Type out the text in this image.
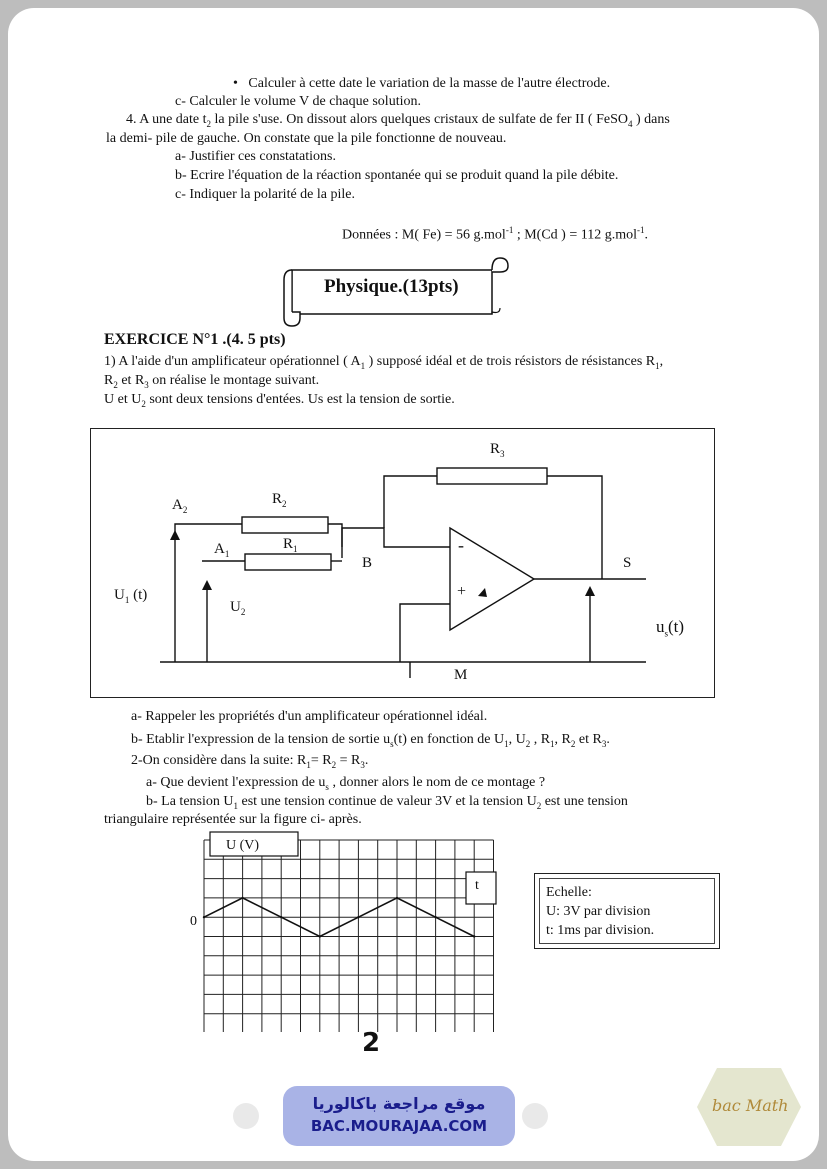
•   Calculer à cette date le variation de la masse de l'autre électrode.
c- Calculer le volume V de chaque solution.
4. A une date $t_2$ la pile s'use. On dissout alors quelques cristaux de sulfate de fer II ( FeSO$_4$ ) dans
la demi- pile de gauche. On constate que la pile fonctionne de nouveau.
a- Justifier ces constatations.
b- Ecrire l'équation de la réaction spontanée qui se produit quand la pile débite.
c- Indiquer la polarité de la pile.
Données : M( Fe) = 56 g.mol$^{-1}$ ; M(Cd ) = 112 g.mol$^{-1}$.
Physique.(13pts)
EXERCICE N°1 .(4. 5 pts)
1) A l'aide d'un amplificateur opérationnel ( $A_1$ ) supposé idéal et de trois résistors de résistances $R_1$,
$R_2$ et $R_3$ on réalise le montage suivant.
U et $U_2$ sont deux tensions d'entées. Us est la tension de sortie.
$R_3$
$R_2$
$R_1$
$A_2$
$A_1$
B	S
M
-
+
$U_1$ (t)
$U_2$
$u_s(t)$
a- Rappeler les propriétés d'un amplificateur opérationnel idéal.
b- Etablir l'expression de la tension de sortie $u_s(t)$ en fonction de $U_1$, $U_2$ , $R_1$, $R_2$ et $R_3$.
2-On considère dans la suite: $R_1= R_2 = R_3$.
a- Que devient l'expression de $u_s$ , donner alors le nom de ce montage ?
b- La tension $U_1$ est une tension continue de valeur 3V et la tension $U_2$ est une tension
triangulaire représentée sur la figure ci- après.
U (V)
t
0
Echelle:
U: 3V par division
t: 1ms par division.
2
موقع مراجعة باكالوريا
BAC.MOURAJAA.COM
bac Math
